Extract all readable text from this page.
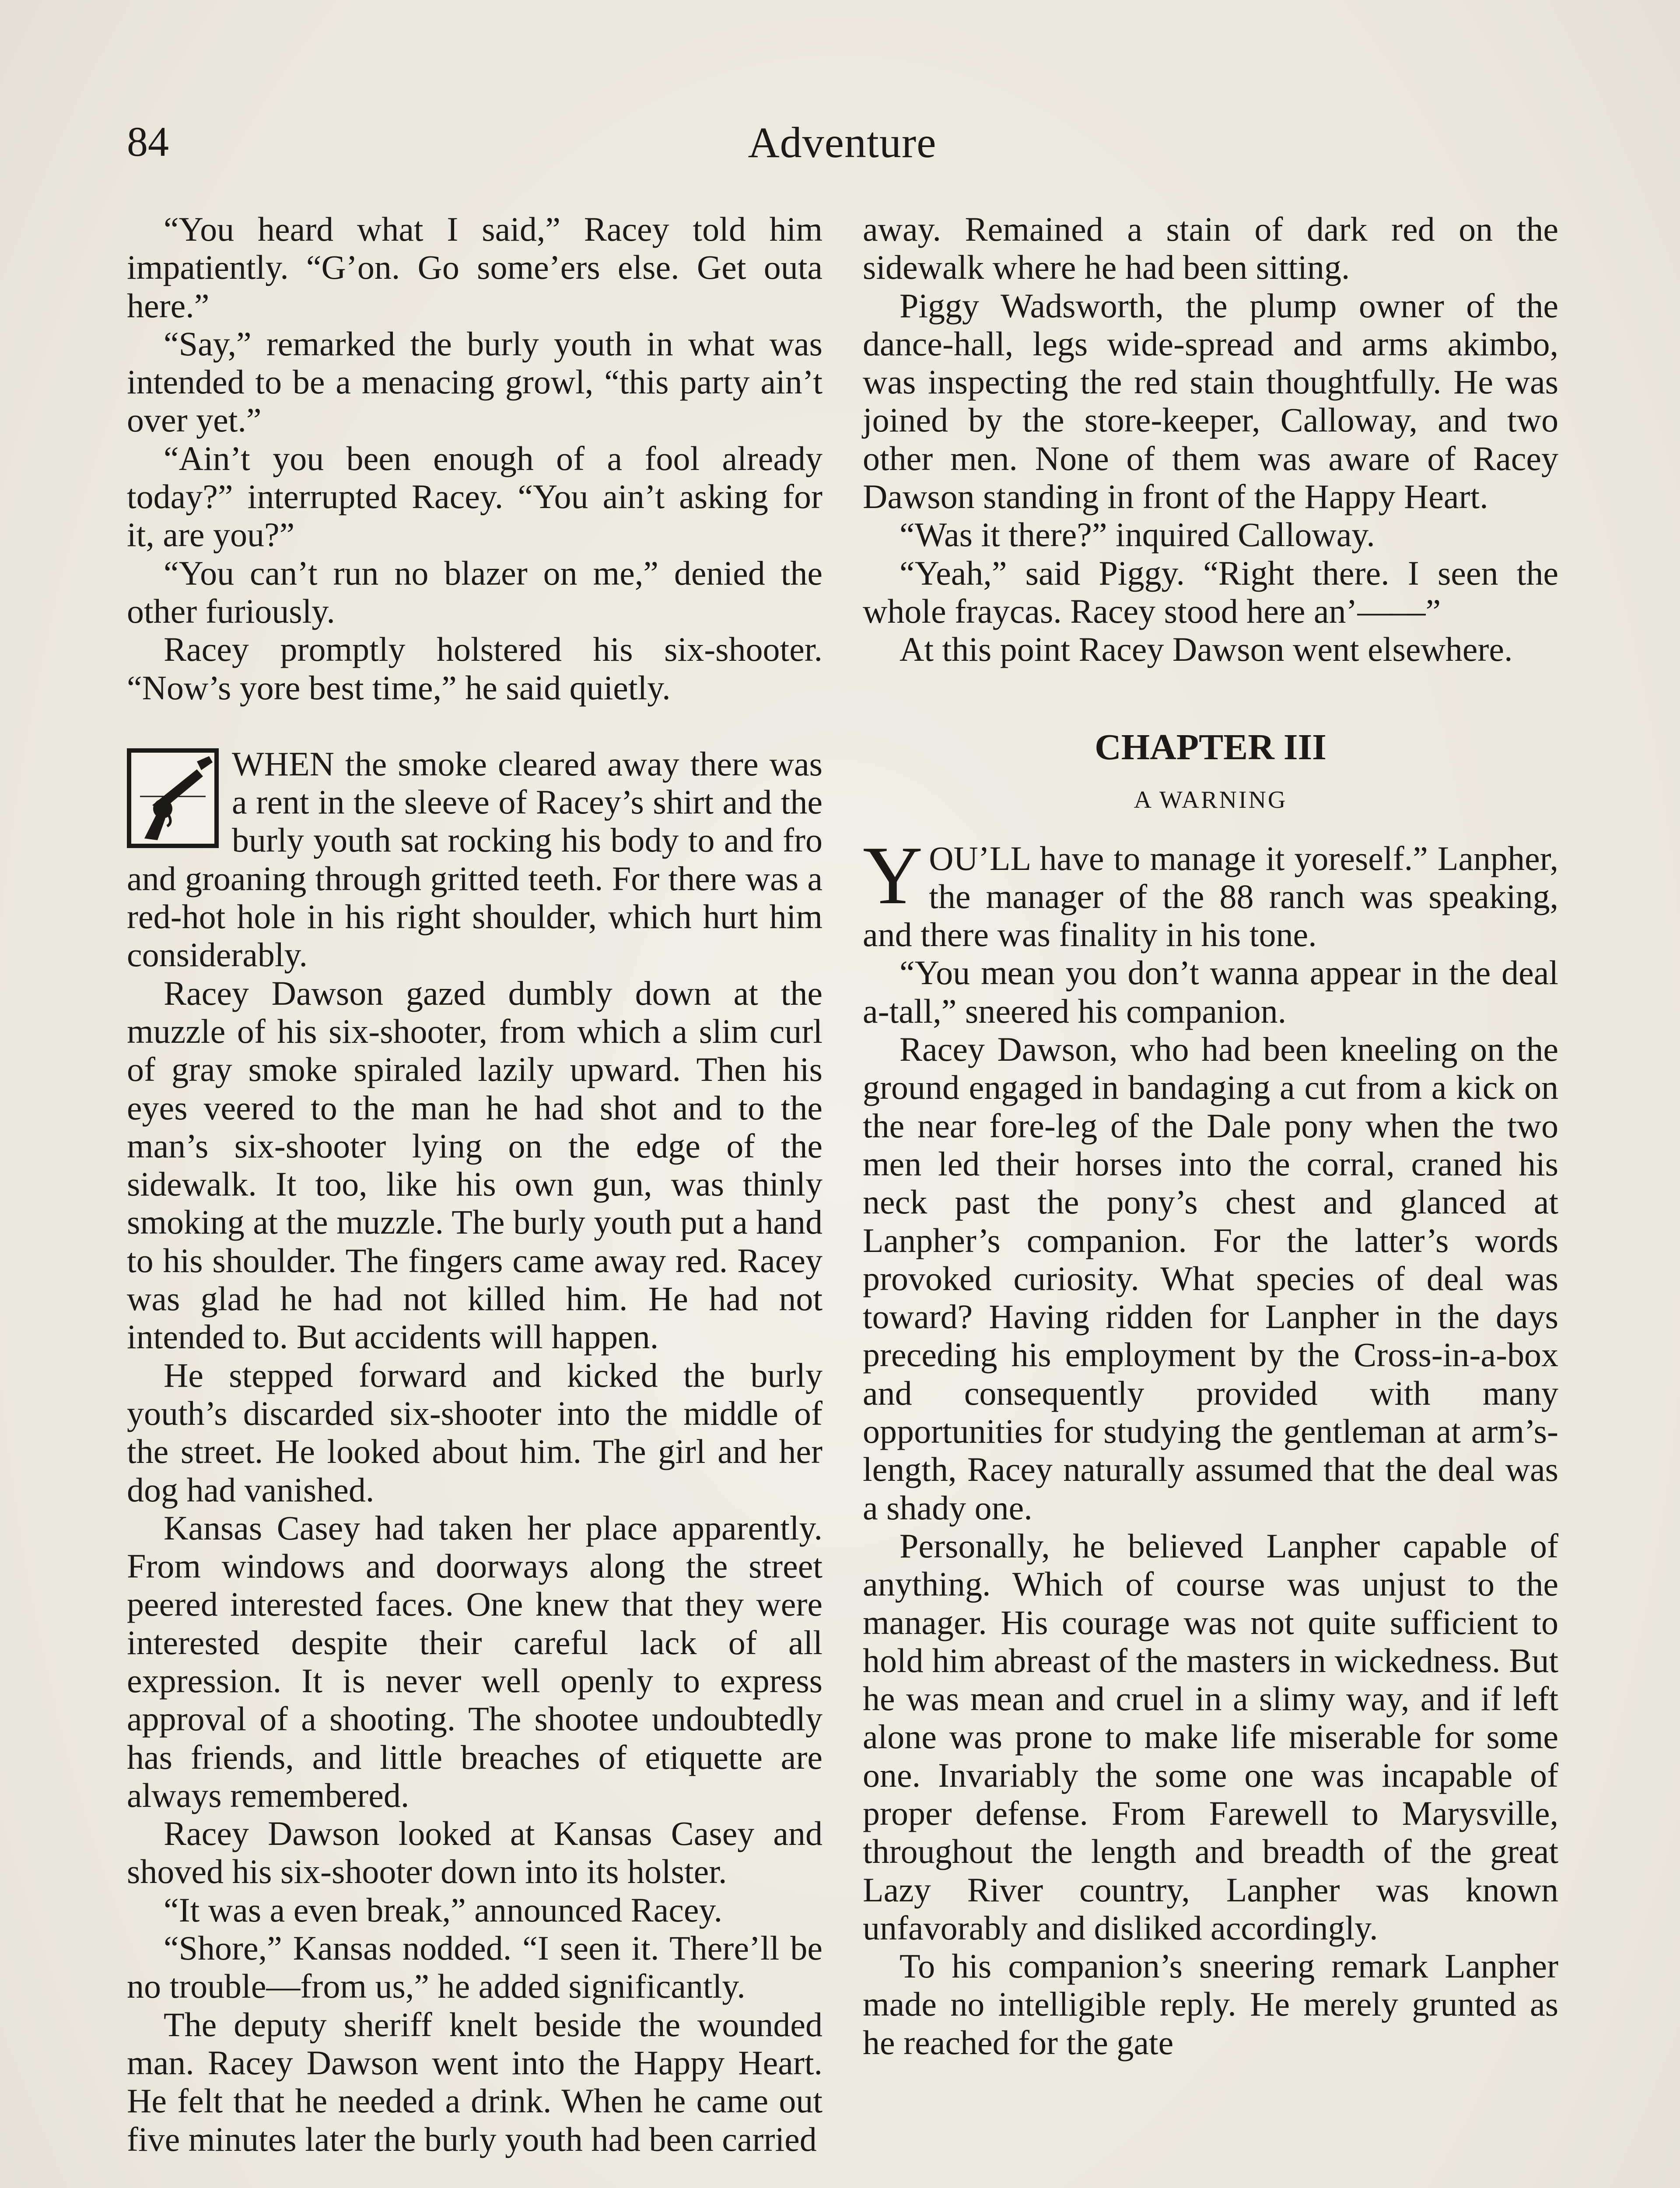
84	Adventure

“You heard what I said,” Racey told him impatiently. “G’on. Go some’ers else. Get outa here.”

“Say,” remarked the burly youth in what was intended to be a menacing growl, “this party ain’t over yet.”

“Ain’t you been enough of a fool already today?” interrupted Racey. “You ain’t asking for it, are you?”

“You can’t run no blazer on me,” denied the other furiously.

Racey promptly holstered his six-shooter. “Now’s yore best time,” he said quietly.

WHEN the smoke cleared away there was a rent in the sleeve of Racey’s shirt and the burly youth sat rocking his body to and fro and groaning through gritted teeth. For there was a red-hot hole in his right shoulder, which hurt him considerably.

Racey Dawson gazed dumbly down at the muzzle of his six-shooter, from which a slim curl of gray smoke spiraled lazily upward. Then his eyes veered to the man he had shot and to the man’s six-shooter lying on the edge of the sidewalk. It too, like his own gun, was thinly smoking at the muzzle. The burly youth put a hand to his shoulder. The fingers came away red. Racey was glad he had not killed him. He had not intended to. But accidents will happen.

He stepped forward and kicked the burly youth’s discarded six-shooter into the middle of the street. He looked about him. The girl and her dog had vanished.

Kansas Casey had taken her place apparently. From windows and doorways along the street peered interested faces. One knew that they were interested despite their careful lack of all expression. It is never well openly to express approval of a shooting. The shootee undoubtedly has friends, and little breaches of etiquette are always remembered.

Racey Dawson looked at Kansas Casey and shoved his six-shooter down into its holster.

“It was a even break,” announced Racey.

“Shore,” Kansas nodded. “I seen it. There’ll be no trouble—from us,” he added significantly.

The deputy sheriff knelt beside the wounded man. Racey Dawson went into the Happy Heart. He felt that he needed a drink. When he came out five minutes later the burly youth had been carried

away. Remained a stain of dark red on the sidewalk where he had been sitting.

Piggy Wadsworth, the plump owner of the dance-hall, legs wide-spread and arms akimbo, was inspecting the red stain thoughtfully. He was joined by the store-keeper, Calloway, and two other men. None of them was aware of Racey Dawson standing in front of the Happy Heart.

“Was it there?” inquired Calloway.

“Yeah,” said Piggy. “Right there. I seen the whole fraycas. Racey stood here an’——”

At this point Racey Dawson went elsewhere.

CHAPTER III
A WARNING

YOU’LL have to manage it yoreself.” Lanpher, the manager of the 88 ranch was speaking, and there was finality in his tone.

“You mean you don’t wanna appear in the deal a-tall,” sneered his companion.

Racey Dawson, who had been kneeling on the ground engaged in bandaging a cut from a kick on the near fore-leg of the Dale pony when the two men led their horses into the corral, craned his neck past the pony’s chest and glanced at Lanpher’s companion. For the latter’s words provoked curiosity. What species of deal was toward? Having ridden for Lanpher in the days preceding his employment by the Cross-in-a-box and consequently provided with many opportunities for studying the gentleman at arm’s-length, Racey naturally assumed that the deal was a shady one.

Personally, he believed Lanpher capable of anything. Which of course was unjust to the manager. His courage was not quite sufficient to hold him abreast of the masters in wickedness. But he was mean and cruel in a slimy way, and if left alone was prone to make life miserable for some one. Invariably the some one was incapable of proper defense. From Farewell to Marysville, throughout the length and breadth of the great Lazy River country, Lanpher was known unfavorably and disliked accordingly.

To his companion’s sneering remark Lanpher made no intelligible reply. He merely grunted as he reached for the gate
